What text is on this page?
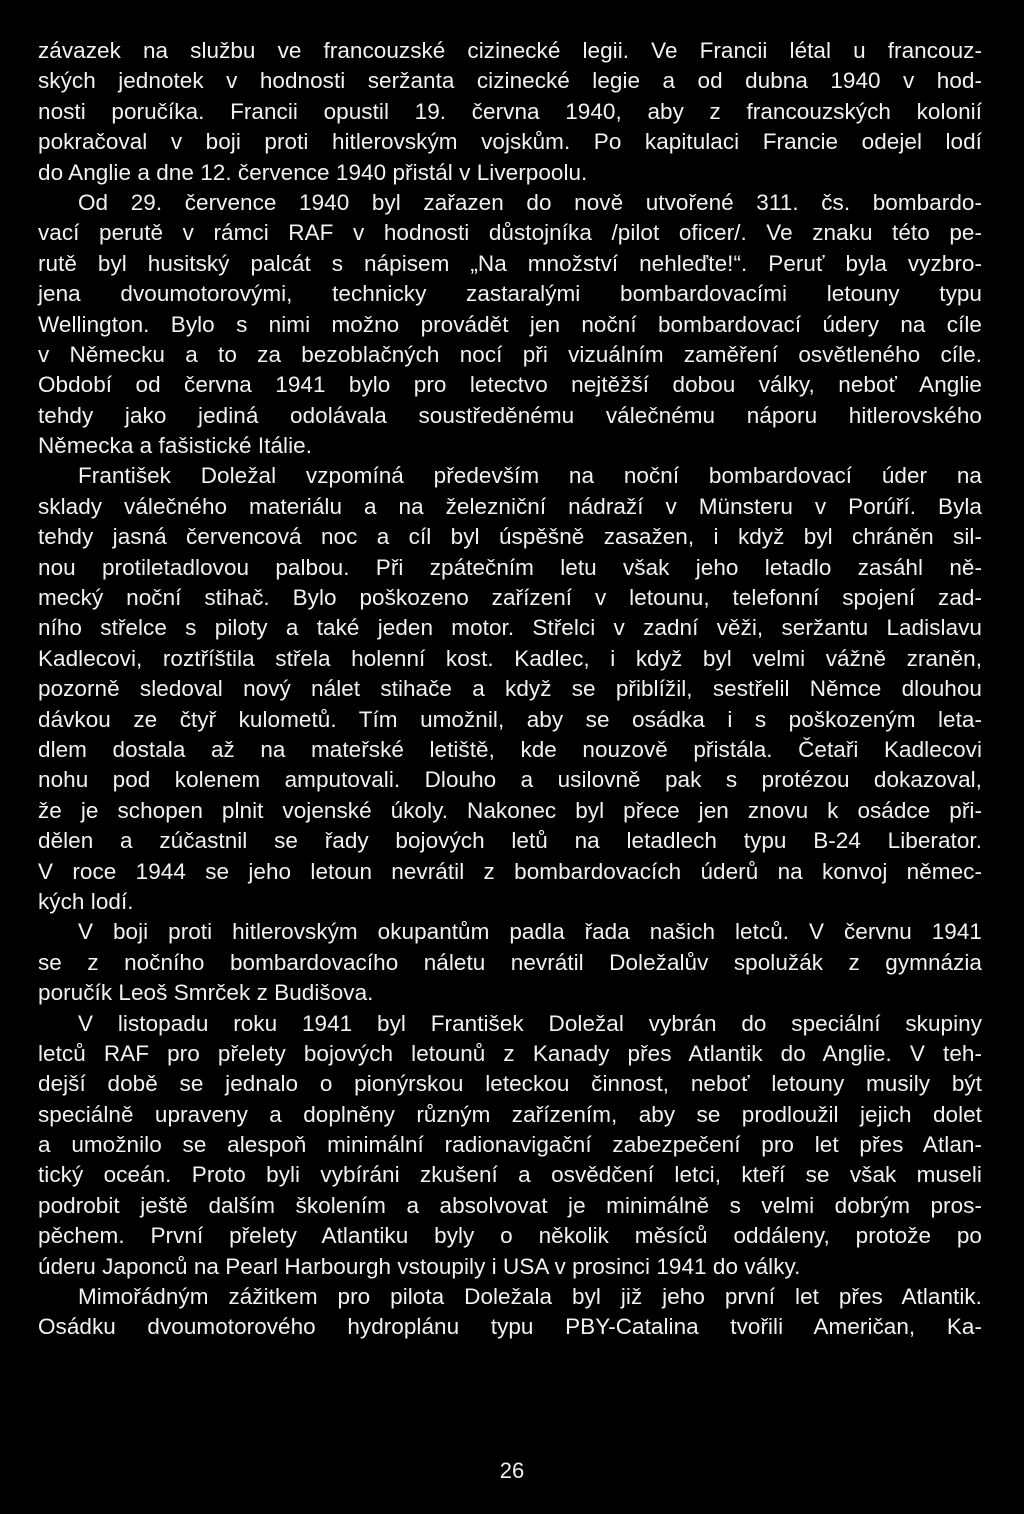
závazek na službu ve francouzské cizinecké legii. Ve Francii létal u francouz-
ských jednotek v hodnosti seržanta cizinecké legie a od dubna 1940 v hod-
nosti poručíka. Francii opustil 19. června 1940, aby z francouzských kolonií
pokračoval v boji proti hitlerovským vojskům. Po kapitulaci Francie odejel lodí
do Anglie a dne 12. července 1940 přistál v Liverpoolu.
Od 29. července 1940 byl zařazen do nově utvořené 311. čs. bombardo-
vací perutě v rámci RAF v hodnosti důstojníka /pilot oficer/. Ve znaku této pe-
rutě byl husitský palcát s nápisem „Na množství nehleďte!“. Peruť byla vyzbro-
jena dvoumotorovými, technicky zastaralými bombardovacími letouny typu
Wellington. Bylo s nimi možno provádět jen noční bombardovací údery na cíle
v Německu a to za bezoblačných nocí při vizuálním zaměření osvětleného cíle.
Období od června 1941 bylo pro letectvo nejtěžší dobou války, neboť Anglie
tehdy jako jediná odolávala soustředěnému válečnému náporu hitlerovského
Německa a fašistické Itálie.
František Doležal vzpomíná především na noční bombardovací úder na
sklady válečného materiálu a na železniční nádraží v Münsteru v Porúří. Byla
tehdy jasná červencová noc a cíl byl úspěšně zasažen, i když byl chráněn sil-
nou protiletadlovou palbou. Při zpátečním letu však jeho letadlo zasáhl ně-
mecký noční stihač. Bylo poškozeno zařízení v letounu, telefonní spojení zad-
ního střelce s piloty a také jeden motor. Střelci v zadní věži, seržantu Ladislavu
Kadlecovi, roztříštila střela holenní kost. Kadlec, i když byl velmi vážně zraněn,
pozorně sledoval nový nálet stihače a když se přiblížil, sestřelil Němce dlouhou
dávkou ze čtyř kulometů. Tím umožnil, aby se osádka i s poškozeným leta-
dlem dostala až na mateřské letiště, kde nouzově přistála. Četaři Kadlecovi
nohu pod kolenem amputovali. Dlouho a usilovně pak s protézou dokazoval,
že je schopen plnit vojenské úkoly. Nakonec byl přece jen znovu k osádce při-
dělen a zúčastnil se řady bojových letů na letadlech typu B-24 Liberator.
V roce 1944 se jeho letoun nevrátil z bombardovacích úderů na konvoj němec-
kých lodí.
V boji proti hitlerovským okupantům padla řada našich letců. V červnu 1941
se z nočního bombardovacího náletu nevrátil Doležalův spolužák z gymnázia
poručík Leoš Smrček z Budišova.
V listopadu roku 1941 byl František Doležal vybrán do speciální skupiny
letců RAF pro přelety bojových letounů z Kanady přes Atlantik do Anglie. V teh-
dejší době se jednalo o pionýrskou leteckou činnost, neboť letouny musily být
speciálně upraveny a doplněny různým zařízením, aby se prodloužil jejich dolet
a umožnilo se alespoň minimální radionavigační zabezpečení pro let přes Atlan-
tický oceán. Proto byli vybíráni zkušení a osvědčení letci, kteří se však museli
podrobit ještě dalším školením a absolvovat je minimálně s velmi dobrým pros-
pěchem. První přelety Atlantiku byly o několik měsíců oddáleny, protože po
úderu Japonců na Pearl Harbourgh vstoupily i USA v prosinci 1941 do války.
Mimořádným zážitkem pro pilota Doležala byl již jeho první let přes Atlantik.
Osádku dvoumotorového hydroplánu typu PBY-Catalina tvořili Američan, Ka-
26
